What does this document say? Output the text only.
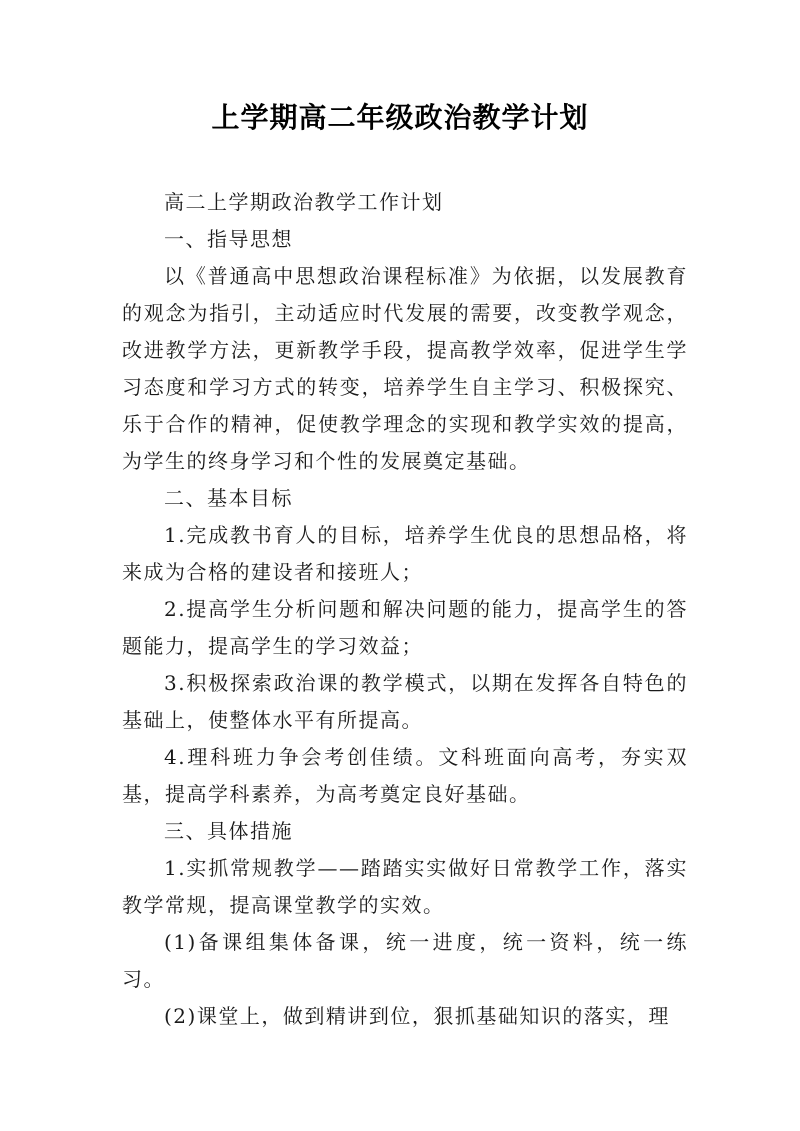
上学期高二年级政治教学计划

高二上学期政治教学工作计划

一、指导思想

以《普通高中思想政治课程标准》为依据，以发展教育的观念为指引，主动适应时代发展的需要，改变教学观念，改进教学方法，更新教学手段，提高教学效率，促进学生学习态度和学习方式的转变，培养学生自主学习、积极探究、乐于合作的精神，促使教学理念的实现和教学实效的提高，为学生的终身学习和个性的发展奠定基础。

二、基本目标

1.完成教书育人的目标，培养学生优良的思想品格，将来成为合格的建设者和接班人；

2.提高学生分析问题和解决问题的能力，提高学生的答题能力，提高学生的学习效益；

3.积极探索政治课的教学模式，以期在发挥各自特色的基础上，使整体水平有所提高。

4.理科班力争会考创佳绩。文科班面向高考，夯实双基，提高学科素养，为高考奠定良好基础。

三、具体措施

1.实抓常规教学——踏踏实实做好日常教学工作，落实教学常规，提高课堂教学的实效。

(1)备课组集体备课，统一进度，统一资料，统一练习。

(2)课堂上，做到精讲到位，狠抓基础知识的落实，理
